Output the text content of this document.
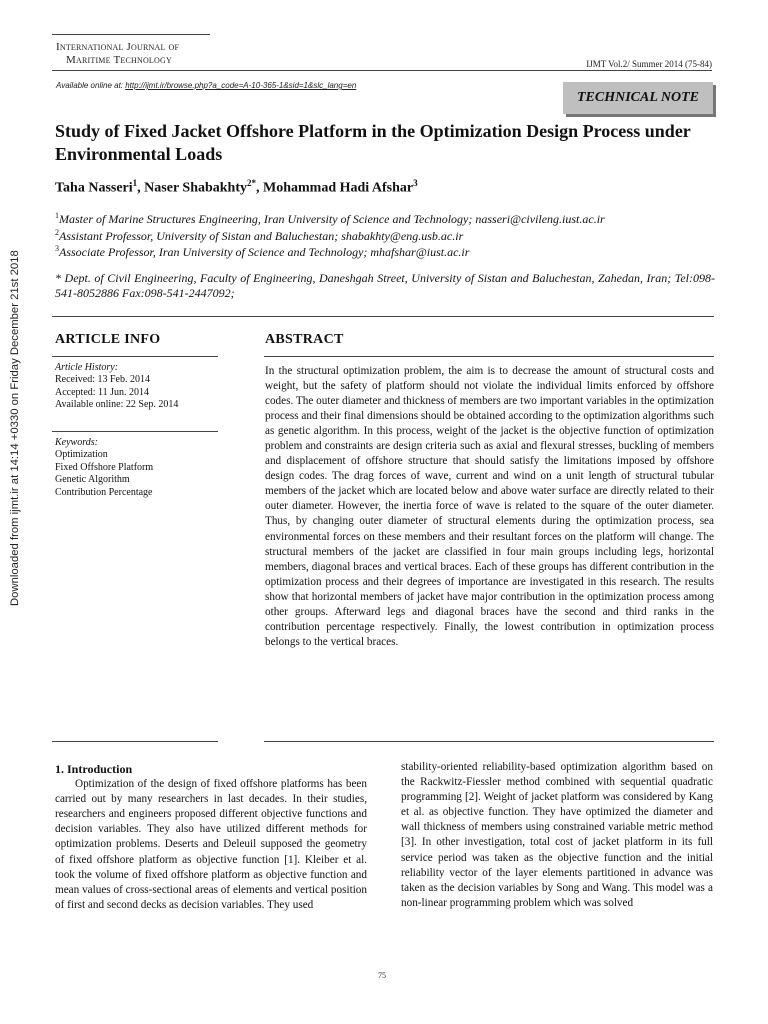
Downloaded from ijmt.ir at 14:14 +0330 on Friday December 21st 2018
International Journal of
Maritime Technology	IJMT Vol.2/ Summer 2014 (75-84)
Available online at: http://ijmt.ir/browse.php?a_code=A-10-365-1&sid=1&slc_lang=en
TECHNICAL NOTE
Study of Fixed Jacket Offshore Platform in the Optimization Design Process under Environmental Loads
Taha Nasseri$^1$, Naser Shabakhty$^{2*}$, Mohammad Hadi Afshar$^3$
$^1$Master of Marine Structures Engineering, Iran University of Science and Technology; nasseri@civileng.iust.ac.ir
$^2$Assistant Professor, University of Sistan and Baluchestan; shabakhty@eng.usb.ac.ir
$^3$Associate Professor, Iran University of Science and Technology; mhafshar@iust.ac.ir
* Dept. of Civil Engineering, Faculty of Engineering, Daneshgah Street, University of Sistan and Baluchestan, Zahedan, Iran; Tel:098-541-8052886 Fax:098-541-2447092;
ARTICLE INFO	ABSTRACT
Article History:
Received: 13 Feb. 2014
Accepted: 11 Jun. 2014
Available online: 22 Sep. 2014
Keywords:
Optimization
Fixed Offshore Platform
Genetic Algorithm
Contribution Percentage
In the structural optimization problem, the aim is to decrease the amount of structural costs and weight, but the safety of platform should not violate the individual limits enforced by offshore codes. The outer diameter and thickness of members are two important variables in the optimization process and their final dimensions should be obtained according to the optimization algorithms such as genetic algorithm. In this process, weight of the jacket is the objective function of optimization problem and constraints are design criteria such as axial and flexural stresses, buckling of members and displacement of offshore structure that should satisfy the limitations imposed by offshore design codes. The drag forces of wave, current and wind on a unit length of structural tubular members of the jacket which are located below and above water surface are directly related to their outer diameter. However, the inertia force of wave is related to the square of the outer diameter. Thus, by changing outer diameter of structural elements during the optimization process, sea environmental forces on these members and their resultant forces on the platform will change. The structural members of the jacket are classified in four main groups including legs, horizontal members, diagonal braces and vertical braces. Each of these groups has different contribution in the optimization process and their degrees of importance are investigated in this research. The results show that horizontal members of jacket have major contribution in the optimization process among other groups. Afterward legs and diagonal braces have the second and third ranks in the contribution percentage respectively. Finally, the lowest contribution in optimization process belongs to the vertical braces.
1. Introduction

Optimization of the design of fixed offshore platforms has been carried out by many researchers in last decades. In their studies, researchers and engineers proposed different objective functions and decision variables. They also have utilized different methods for optimization problems. Deserts and Deleuil supposed the geometry of fixed offshore platform as objective function [1]. Kleiber et al. took the volume of fixed offshore platform as objective function and mean values of cross-sectional areas of elements and vertical position of first and second decks as decision variables. They used

stability-oriented reliability-based optimization algorithm based on the Rackwitz-Fiessler method combined with sequential quadratic programming [2]. Weight of jacket platform was considered by Kang et al. as objective function. They have optimized the diameter and wall thickness of members using constrained variable metric method [3]. In other investigation, total cost of jacket platform in its full service period was taken as the objective function and the initial reliability vector of the layer elements partitioned in advance was taken as the decision variables by Song and Wang. This model was a non-linear programming problem which was solved

75
